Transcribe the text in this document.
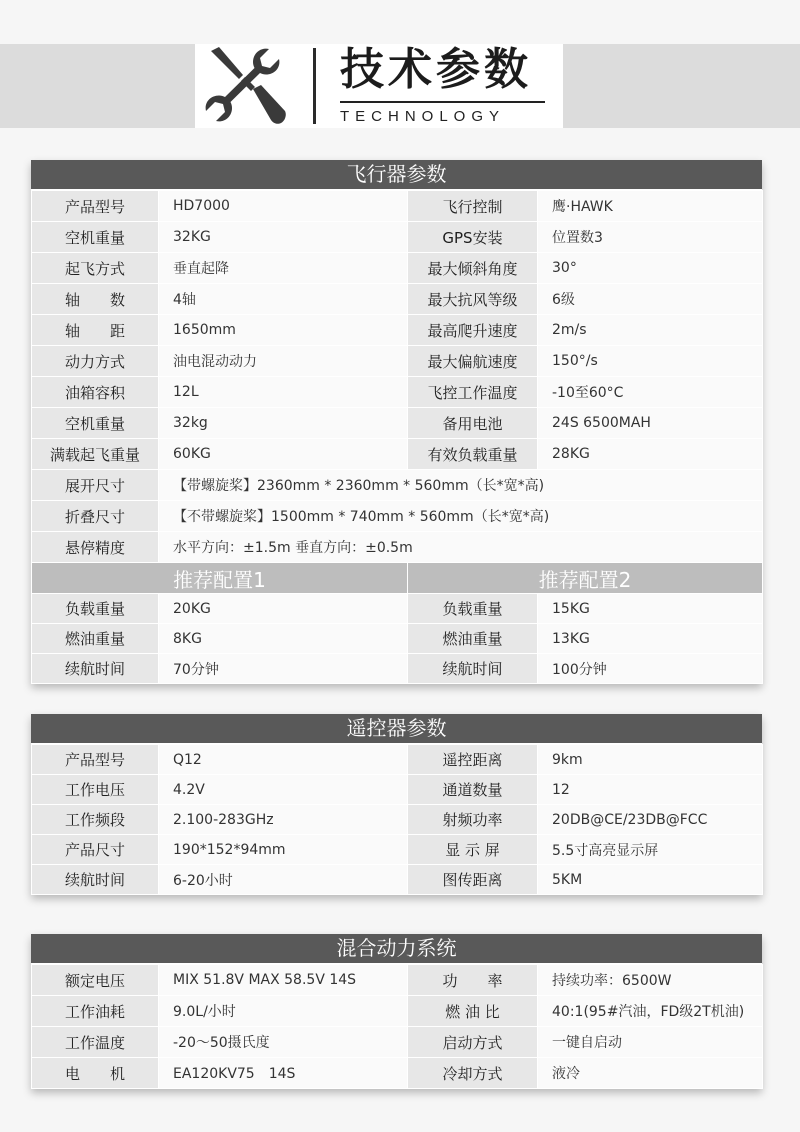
技术参数
TECHNOLOGY
飞行器参数
产品型号	HD7000	飞行控制	鹰·HAWK
空机重量	32KG	GPS安装	位置数3
起飞方式	垂直起降	最大倾斜角度	30°
轴　　数	4轴	最大抗风等级	6级
轴　　距	1650mm	最高爬升速度	2m/s
动力方式	油电混动动力	最大偏航速度	150°/s
油箱容积	12L	飞控工作温度	-10至60°C
空机重量	32kg	备用电池	24S 6500MAH
满载起飞重量	60KG	有效负载重量	28KG
展开尺寸	【带螺旋桨】2360mm * 2360mm * 560mm（长*宽*高)		
折叠尺寸	【不带螺旋桨】1500mm * 740mm * 560mm（长*宽*高)		
悬停精度	水平方向：±1.5m 垂直方向：±0.5m		
推荐配置1		推荐配置2	
负载重量	20KG	负载重量	15KG
燃油重量	8KG	燃油重量	13KG
续航时间	70分钟	续航时间	100分钟
遥控器参数
产品型号	Q12	遥控距离	9km
工作电压	4.2V	通道数量	12
工作频段	2.100-283GHz	射频功率	20DB@CE/23DB@FCC
产品尺寸	190*152*94mm	显 示 屏	5.5寸高亮显示屏
续航时间	6-20小时	图传距离	5KM
混合动力系统
额定电压	MIX 51.8V MAX 58.5V 14S	功　　率	持续功率：6500W
工作油耗	9.0L/小时	燃 油 比	40:1(95#汽油，FD级2T机油)
工作温度	-20～50摄氏度	启动方式	一键自启动
电　　机	EA120KV75　14S	冷却方式	液冷
